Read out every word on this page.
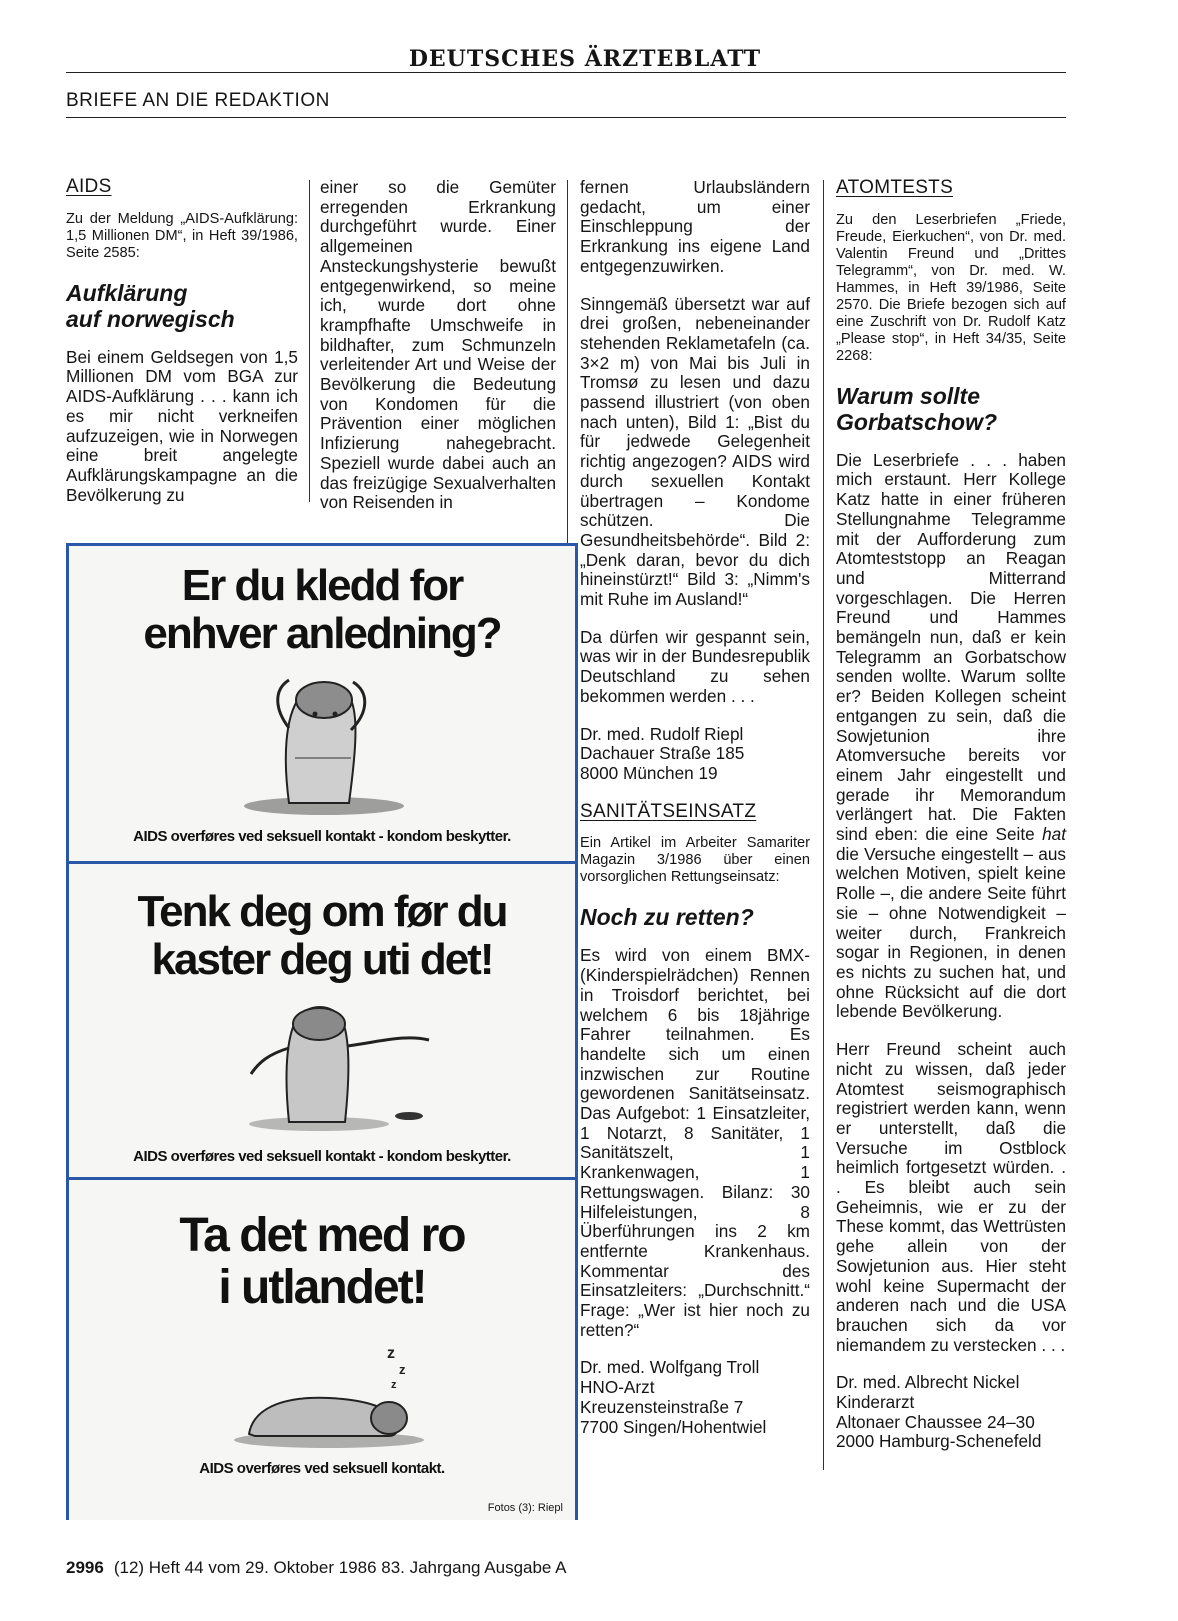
DEUTSCHES ÄRZTEBLATT
BRIEFE AN DIE REDAKTION

AIDS

Zu der Meldung „AIDS-Aufklärung: 1,5 Millionen DM“, in Heft 39/1986, Seite 2585:

Aufklärung
auf norwegisch

Bei einem Geldsegen von 1,5 Millionen DM vom BGA zur AIDS-Aufklärung . . . kann ich es mir nicht verkneifen aufzuzeigen, wie in Norwegen eine breit angelegte Aufklärungskampagne an die Bevölkerung zu

einer so die Gemüter erregenden Erkrankung durchgeführt wurde. Einer allgemeinen Ansteckungshysterie bewußt entgegenwirkend, so meine ich, wurde dort ohne krampfhafte Umschweife in bildhafter, zum Schmunzeln verleitender Art und Weise der Bevölkerung die Bedeutung von Kondomen für die Prävention einer möglichen Infizierung nahegebracht. Speziell wurde dabei auch an das freizügige Sexualverhalten von Reisenden in

fernen Urlaubsländern gedacht, um einer Einschleppung der Erkrankung ins eigene Land entgegenzuwirken.

Sinngemäß übersetzt war auf drei großen, nebeneinander stehenden Reklametafeln (ca. 3×2 m) von Mai bis Juli in Tromsø zu lesen und dazu passend illustriert (von oben nach unten), Bild 1: „Bist du für jedwede Gelegenheit richtig angezogen? AIDS wird durch sexuellen Kontakt übertragen – Kondome schützen. Die Gesundheitsbehörde“. Bild 2: „Denk daran, bevor du dich hineinstürzt!“ Bild 3: „Nimm's mit Ruhe im Ausland!“

Da dürfen wir gespannt sein, was wir in der Bundesrepublik Deutschland zu sehen bekommen werden . . .

Dr. med. Rudolf Riepl
Dachauer Straße 185
8000 München 19

SANITÄTSEINSATZ

Ein Artikel im Arbeiter Samariter Magazin 3/1986 über einen vorsorglichen Rettungseinsatz:

Noch zu retten?

Es wird von einem BMX-(Kinderspielrädchen) Rennen in Troisdorf berichtet, bei welchem 6 bis 18jährige Fahrer teilnahmen. Es handelte sich um einen inzwischen zur Routine gewordenen Sanitätseinsatz. Das Aufgebot: 1 Einsatzleiter, 1 Notarzt, 8 Sanitäter, 1 Sanitätszelt, 1 Krankenwagen, 1 Rettungswagen. Bilanz: 30 Hilfeleistungen, 8 Überführungen ins 2 km entfernte Krankenhaus. Kommentar des Einsatzleiters: „Durchschnitt.“ Frage: „Wer ist hier noch zu retten?“

Dr. med. Wolfgang Troll
HNO-Arzt
Kreuzensteinstraße 7
7700 Singen/Hohentwiel

ATOMTESTS

Zu den Leserbriefen „Friede, Freude, Eierkuchen“, von Dr. med. Valentin Freund und „Drittes Telegramm“, von Dr. med. W. Hammes, in Heft 39/1986, Seite 2570. Die Briefe bezogen sich auf eine Zuschrift von Dr. Rudolf Katz „Please stop“, in Heft 34/35, Seite 2268:

Warum sollte
Gorbatschow?

Die Leserbriefe . . . haben mich erstaunt. Herr Kollege Katz hatte in einer früheren Stellungnahme Telegramme mit der Aufforderung zum Atomteststopp an Reagan und Mitterrand vorgeschlagen. Die Herren Freund und Hammes bemängeln nun, daß er kein Telegramm an Gorbatschow senden wollte. Warum sollte er? Beiden Kollegen scheint entgangen zu sein, daß die Sowjetunion ihre Atomversuche bereits vor einem Jahr eingestellt und gerade ihr Memorandum verlängert hat. Die Fakten sind eben: die eine Seite hat die Versuche eingestellt – aus welchen Motiven, spielt keine Rolle –, die andere Seite führt sie – ohne Notwendigkeit – weiter durch, Frankreich sogar in Regionen, in denen es nichts zu suchen hat, und ohne Rücksicht auf die dort lebende Bevölkerung.

Herr Freund scheint auch nicht zu wissen, daß jeder Atomtest seismographisch registriert werden kann, wenn er unterstellt, daß die Versuche im Ostblock heimlich fortgesetzt würden. . . Es bleibt auch sein Geheimnis, wie er zu der These kommt, das Wettrüsten gehe allein von der Sowjetunion aus. Hier steht wohl keine Supermacht der anderen nach und die USA brauchen sich da vor niemandem zu verstecken . . .

Dr. med. Albrecht Nickel
Kinderarzt
Altonaer Chaussee 24–30
2000 Hamburg-Schenefeld

Er du kledd for
enhver anledning?
AIDS overføres ved seksuell kontakt - kondom beskytter.
Tenk deg om før du
kaster deg uti det!
AIDS overføres ved seksuell kontakt - kondom beskytter.
Ta det med ro
i utlandet!
z
z
z
AIDS overføres ved seksuell kontakt.
Fotos (3): Riepl
2996 (12) Heft 44 vom 29. Oktober 1986 83. Jahrgang Ausgabe A
